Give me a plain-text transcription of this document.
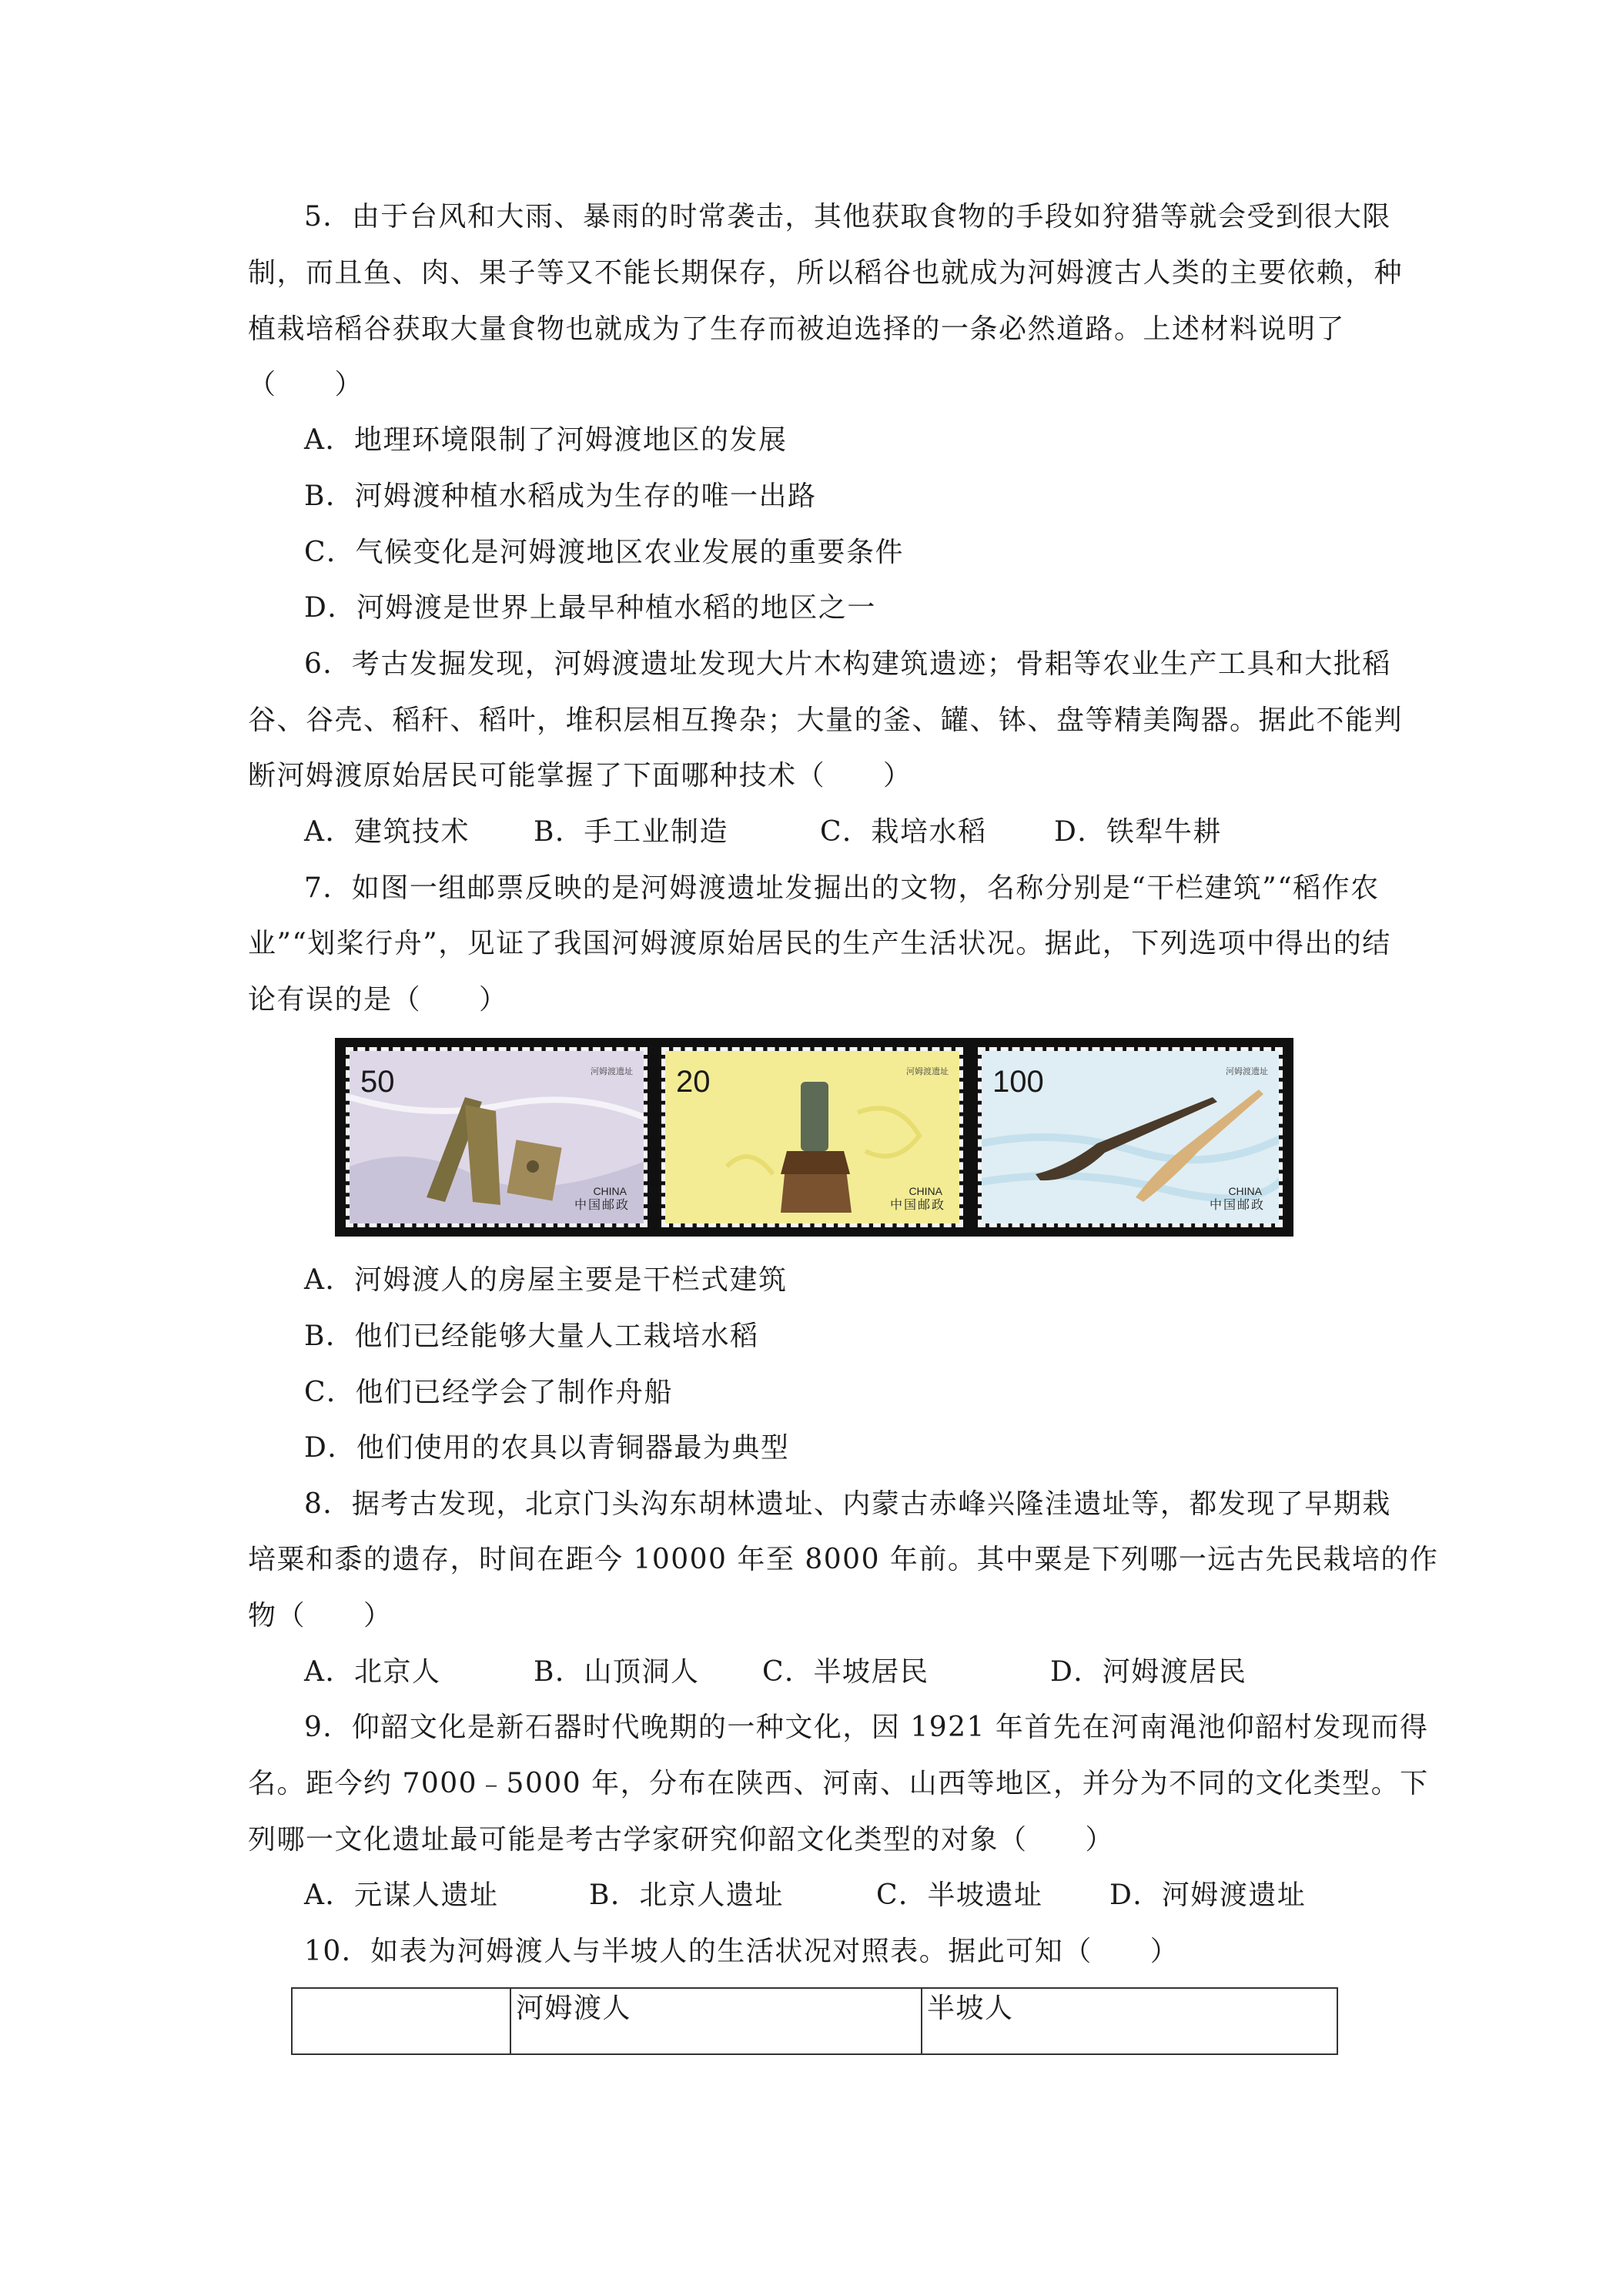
5．由于台风和大雨、暴雨的时常袭击，其他获取食物的手段如狩猎等就会受到很大限
制，而且鱼、肉、果子等又不能长期保存，所以稻谷也就成为河姆渡古人类的主要依赖，种
植栽培稻谷获取大量食物也就成为了生存而被迫选择的一条必然道路。上述材料说明了
（　　）
A．地理环境限制了河姆渡地区的发展
B．河姆渡种植水稻成为生存的唯一出路
C．气候变化是河姆渡地区农业发展的重要条件
D．河姆渡是世界上最早种植水稻的地区之一
6．考古发掘发现，河姆渡遗址发现大片木构建筑遗迹；骨耜等农业生产工具和大批稻
谷、谷壳、稻秆、稻叶，堆积层相互搀杂；大量的釜、罐、钵、盘等精美陶器。据此不能判
断河姆渡原始居民可能掌握了下面哪种技术（　　）
A．建筑技术 B．手工业制造	C．栽培水稻 D．铁犁牛耕
7．如图一组邮票反映的是河姆渡遗址发掘出的文物，名称分别是“干栏建筑”“稻作农
业”“划桨行舟”，见证了我国河姆渡原始居民的生产生活状况。据此，下列选项中得出的结
论有误的是（　　）
50	河姆渡遗址
CHINA
中国邮政
20	河姆渡遗址
CHINA
中国邮政
100	河姆渡遗址
CHINA
中国邮政
A．河姆渡人的房屋主要是干栏式建筑
B．他们已经能够大量人工栽培水稻
C．他们已经学会了制作舟船
D．他们使用的农具以青铜器最为典型
8．据考古发现，北京门头沟东胡林遗址、内蒙古赤峰兴隆洼遗址等，都发现了早期栽
培粟和黍的遗存，时间在距今 10000 年至 8000 年前。其中粟是下列哪一远古先民栽培的作
物（　　）
A．北京人	B．山顶洞人 C．半坡居民	D．河姆渡居民
9．仰韶文化是新石器时代晚期的一种文化，因 1921 年首先在河南渑池仰韶村发现而得
名。距今约 7000﹣5000 年，分布在陕西、河南、山西等地区，并分为不同的文化类型。下
列哪一文化遗址最可能是考古学家研究仰韶文化类型的对象（　　）
A．元谋人遗址	B．北京人遗址	C．半坡遗址 D．河姆渡遗址
10．如表为河姆渡人与半坡人的生活状况对照表。据此可知（　　）
	河姆渡人	半坡人
